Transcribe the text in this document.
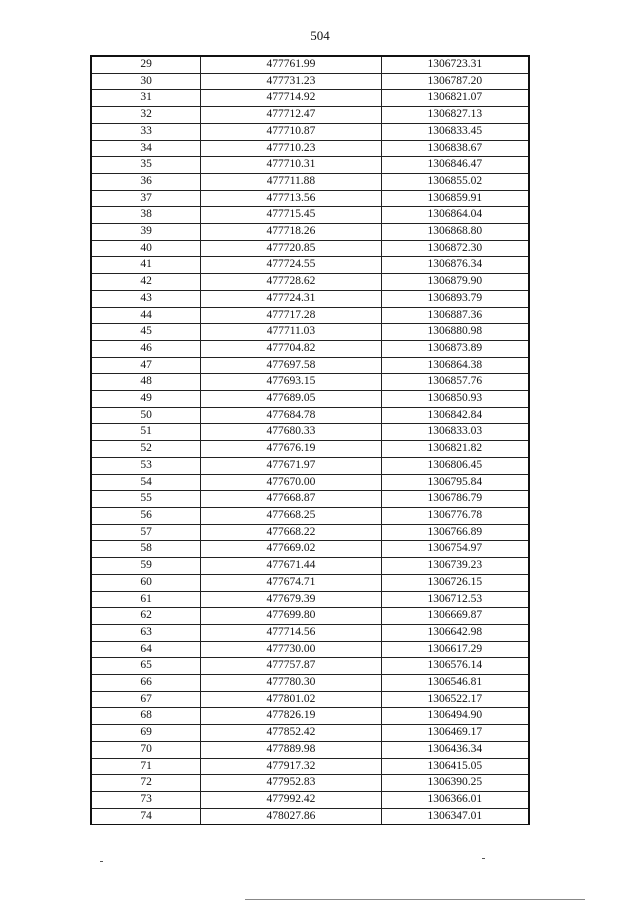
504
29	477761.99	1306723.31
30	477731.23	1306787.20
31	477714.92	1306821.07
32	477712.47	1306827.13
33	477710.87	1306833.45
34	477710.23	1306838.67
35	477710.31	1306846.47
36	477711.88	1306855.02
37	477713.56	1306859.91
38	477715.45	1306864.04
39	477718.26	1306868.80
40	477720.85	1306872.30
41	477724.55	1306876.34
42	477728.62	1306879.90
43	477724.31	1306893.79
44	477717.28	1306887.36
45	477711.03	1306880.98
46	477704.82	1306873.89
47	477697.58	1306864.38
48	477693.15	1306857.76
49	477689.05	1306850.93
50	477684.78	1306842.84
51	477680.33	1306833.03
52	477676.19	1306821.82
53	477671.97	1306806.45
54	477670.00	1306795.84
55	477668.87	1306786.79
56	477668.25	1306776.78
57	477668.22	1306766.89
58	477669.02	1306754.97
59	477671.44	1306739.23
60	477674.71	1306726.15
61	477679.39	1306712.53
62	477699.80	1306669.87
63	477714.56	1306642.98
64	477730.00	1306617.29
65	477757.87	1306576.14
66	477780.30	1306546.81
67	477801.02	1306522.17
68	477826.19	1306494.90
69	477852.42	1306469.17
70	477889.98	1306436.34
71	477917.32	1306415.05
72	477952.83	1306390.25
73	477992.42	1306366.01
74	478027.86	1306347.01
